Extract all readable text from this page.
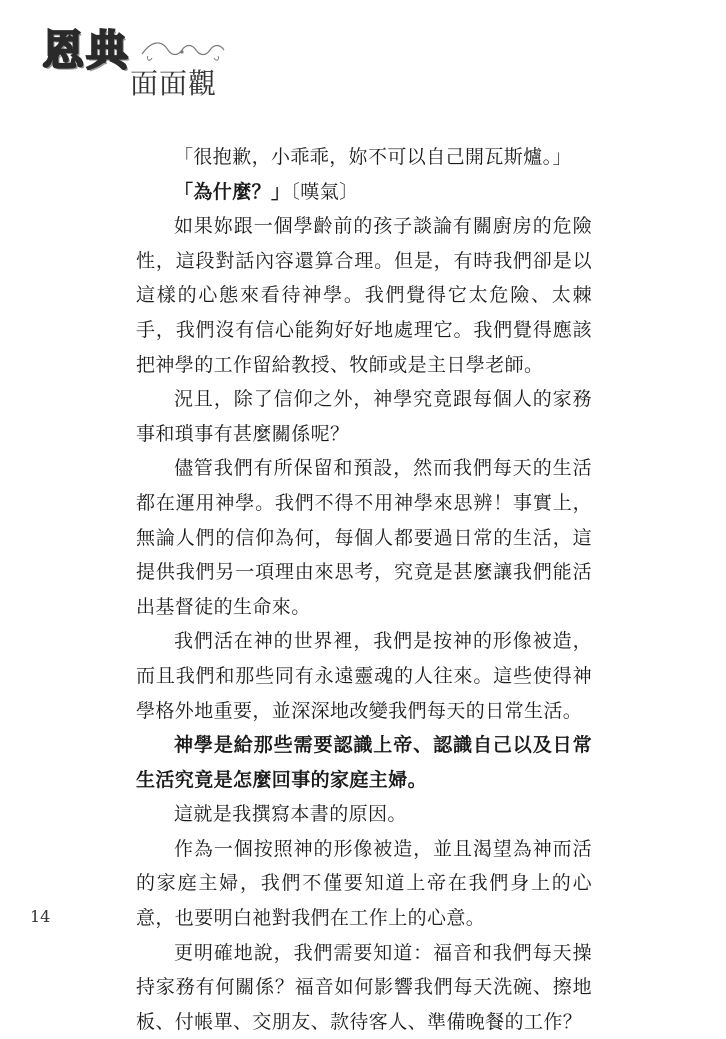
恩 典
面面觀

「很抱歉，小乖乖，妳不可以自己開瓦斯爐。」

「為什麼？」〔嘆氣〕

如果妳跟一個學齡前的孩子談論有關廚房的危險性，這段對話內容還算合理。但是，有時我們卻是以這樣的心態來看待神學。我們覺得它太危險、太棘手，我們沒有信心能夠好好地處理它。我們覺得應該把神學的工作留給教授、牧師或是主日學老師。

況且，除了信仰之外，神學究竟跟每個人的家務事和瑣事有甚麼關係呢？

儘管我們有所保留和預設，然而我們每天的生活都在運用神學。我們不得不用神學來思辨！事實上，無論人們的信仰為何，每個人都要過日常的生活，這提供我們另一項理由來思考，究竟是甚麼讓我們能活出基督徒的生命來。

我們活在神的世界裡，我們是按神的形像被造，而且我們和那些同有永遠靈魂的人往來。這些使得神學格外地重要，並深深地改變我們每天的日常生活。

神學是給那些需要認識上帝、認識自己以及日常生活究竟是怎麼回事的家庭主婦。

這就是我撰寫本書的原因。

作為一個按照神的形像被造，並且渴望為神而活的家庭主婦，我們不僅要知道上帝在我們身上的心意，也要明白祂對我們在工作上的心意。

更明確地說，我們需要知道：福音和我們每天操持家務有何關係？福音如何影響我們每天洗碗、擦地板、付帳單、交朋友、款待客人、準備晚餐的工作？

14
